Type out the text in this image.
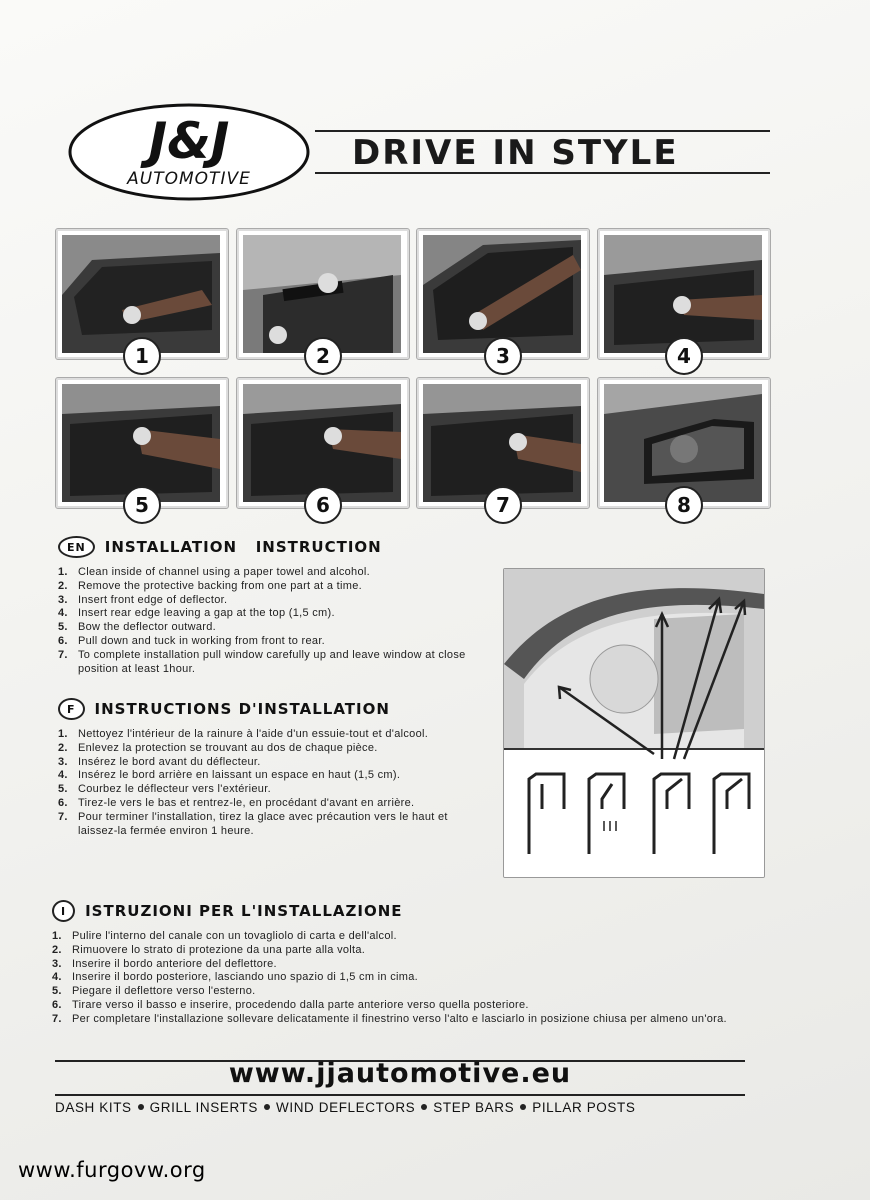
J&J
AUTOMOTIVE
DRIVE IN STYLE
1	2	3	4
5	6	7	8
EN	INSTALLATION   INSTRUCTION
1. Clean inside of channel using a paper towel and alcohol.
2. Remove the protective backing from one part at a time.
3. Insert front edge of deflector.
4. Insert rear edge leaving a gap at the top (1,5 cm).
5. Bow the deflector outward.
6. Pull down and tuck in working from front to rear.
7. To complete installation pull window carefully up and leave window at close position at least 1hour.
F	INSTRUCTIONS D'INSTALLATION
1. Nettoyez l'intérieur de la rainure à l'aide d'un essuie-tout et d'alcool.
2. Enlevez la protection se trouvant au dos de chaque pièce.
3. Insérez le bord avant du déflecteur.
4. Insérez le bord arrière en laissant un espace en haut (1,5 cm).
5. Courbez le déflecteur vers l'extérieur.
6. Tirez-le vers le bas et rentrez-le, en procédant d'avant en arrière.
7. Pour terminer l'installation, tirez la glace avec précaution vers le haut et laissez-la fermée environ 1 heure.
I	ISTRUZIONI PER L'INSTALLAZIONE
1. Pulire l'interno del canale con un tovagliolo di carta e dell'alcol.
2. Rimuovere lo strato di protezione da una parte alla volta.
3. Inserire il bordo anteriore del deflettore.
4. Inserire il bordo posteriore, lasciando uno spazio di 1,5 cm in cima.
5. Piegare il deflettore verso l'esterno.
6. Tirare verso il basso e inserire, procedendo dalla parte anteriore verso quella posteriore.
7. Per completare l'installazione sollevare delicatamente il finestrino verso l'alto e lasciarlo in posizione chiusa per almeno un'ora.
www.jjautomotive.eu
DASH KITS GRILL INSERTS WIND DEFLECTORS STEP BARS PILLAR POSTS
www.furgovw.org
